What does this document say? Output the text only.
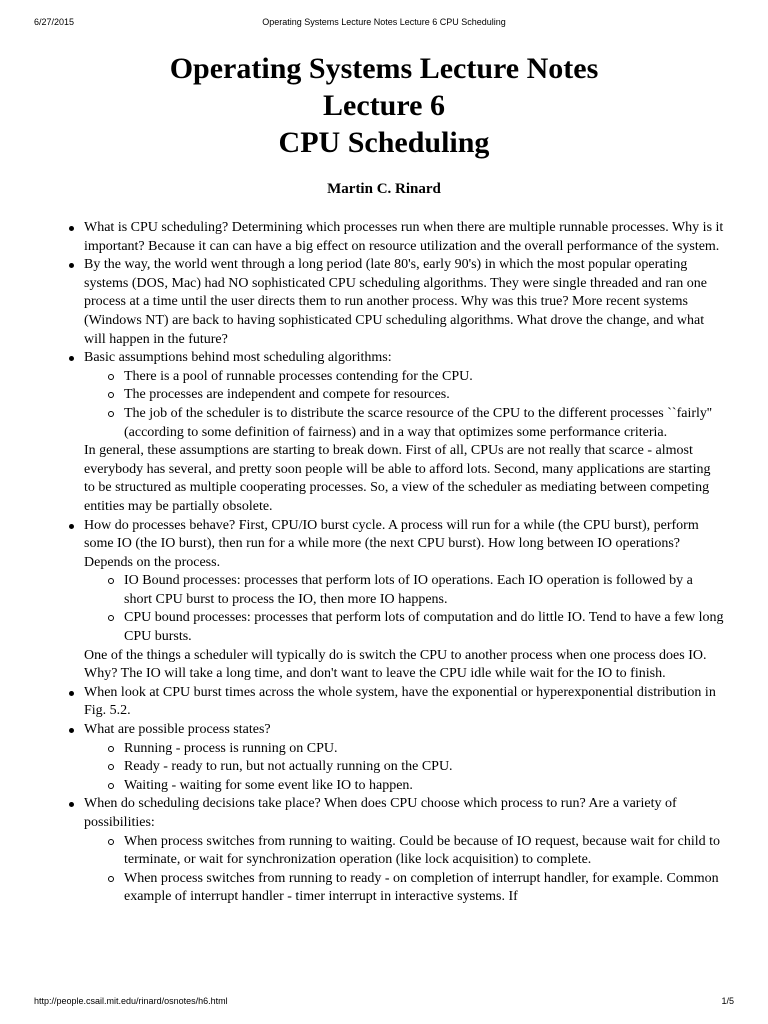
6/27/2015	Operating Systems Lecture Notes Lecture 6 CPU Scheduling
Operating Systems Lecture Notes
Lecture 6
CPU Scheduling
Martin C. Rinard
What is CPU scheduling? Determining which processes run when there are multiple runnable processes. Why is it important? Because it can can have a big effect on resource utilization and the overall performance of the system.
By the way, the world went through a long period (late 80's, early 90's) in which the most popular operating systems (DOS, Mac) had NO sophisticated CPU scheduling algorithms. They were single threaded and ran one process at a time until the user directs them to run another process. Why was this true? More recent systems (Windows NT) are back to having sophisticated CPU scheduling algorithms. What drove the change, and what will happen in the future?
Basic assumptions behind most scheduling algorithms:
There is a pool of runnable processes contending for the CPU.
The processes are independent and compete for resources.
The job of the scheduler is to distribute the scarce resource of the CPU to the different processes ``fairly'' (according to some definition of fairness) and in a way that optimizes some performance criteria.

In general, these assumptions are starting to break down. First of all, CPUs are not really that scarce - almost everybody has several, and pretty soon people will be able to afford lots. Second, many applications are starting to be structured as multiple cooperating processes. So, a view of the scheduler as mediating between competing entities may be partially obsolete.

How do processes behave? First, CPU/IO burst cycle. A process will run for a while (the CPU burst), perform some IO (the IO burst), then run for a while more (the next CPU burst). How long between IO operations? Depends on the process.
IO Bound processes: processes that perform lots of IO operations. Each IO operation is followed by a short CPU burst to process the IO, then more IO happens.
CPU bound processes: processes that perform lots of computation and do little IO. Tend to have a few long CPU bursts.

One of the things a scheduler will typically do is switch the CPU to another process when one process does IO. Why? The IO will take a long time, and don't want to leave the CPU idle while wait for the IO to finish.

When look at CPU burst times across the whole system, have the exponential or hyperexponential distribution in Fig. 5.2.
What are possible process states?
Running - process is running on CPU.
Ready - ready to run, but not actually running on the CPU.
Waiting - waiting for some event like IO to happen.
When do scheduling decisions take place? When does CPU choose which process to run? Are a variety of possibilities:
When process switches from running to waiting. Could be because of IO request, because wait for child to terminate, or wait for synchronization operation (like lock acquisition) to complete.
When process switches from running to ready - on completion of interrupt handler, for example. Common example of interrupt handler - timer interrupt in interactive systems. If
http://people.csail.mit.edu/rinard/osnotes/h6.html	1/5
